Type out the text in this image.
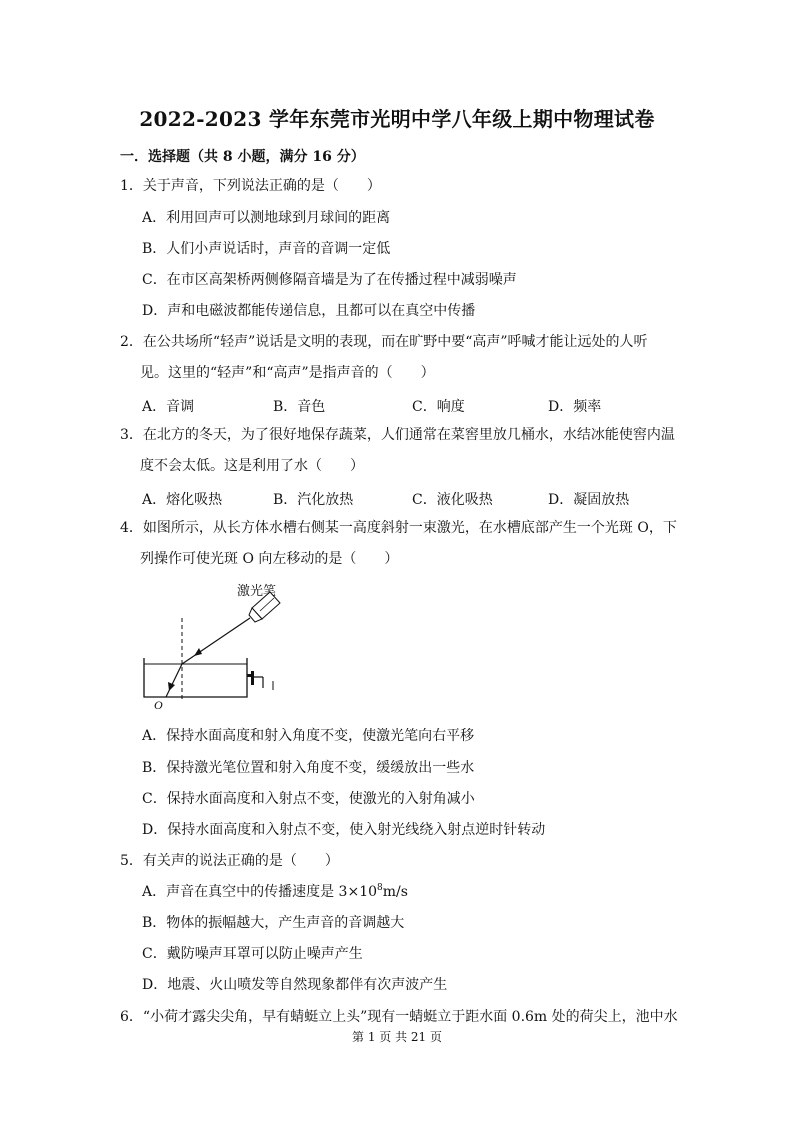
2022-2023 学年东莞市光明中学八年级上期中物理试卷
一．选择题（共 8 小题，满分 16 分）
1．关于声音，下列说法正确的是（　　）
A．利用回声可以测地球到月球间的距离
B．人们小声说话时，声音的音调一定低
C．在市区高架桥两侧修隔音墙是为了在传播过程中减弱噪声
D．声和电磁波都能传递信息，且都可以在真空中传播
2．在公共场所“轻声”说话是文明的表现，而在旷野中要“高声”呼喊才能让远处的人听
见。这里的“轻声”和“高声”是指声音的（　　）
A．音调	B．音色	C．响度	D．频率
3．在北方的冬天，为了很好地保存蔬菜，人们通常在菜窖里放几桶水，水结冰能使窖内温
度不会太低。这是利用了水（　　）
A．熔化吸热	B．汽化放热	C．液化吸热	D．凝固放热
4．如图所示，从长方体水槽右侧某一高度斜射一束激光，在水槽底部产生一个光斑 O，下
列操作可使光斑 O 向左移动的是（　　）
激光笔
O
A．保持水面高度和射入角度不变，使激光笔向右平移
B．保持激光笔位置和射入角度不变，缓缓放出一些水
C．保持水面高度和入射点不变，使激光的入射角减小
D．保持水面高度和入射点不变，使入射光线绕入射点逆时针转动
5．有关声的说法正确的是（　　）
A．声音在真空中的传播速度是 $3\times 10^8m/s$
B．物体的振幅越大，产生声音的音调越大
C．戴防噪声耳罩可以防止噪声产生
D．地震、火山喷发等自然现象都伴有次声波产生
6．“小荷才露尖尖角，早有蜻蜓立上头”现有一蜻蜓立于距水面 0.6m 处的荷尖上，池中水
第 1 页 共 21 页
